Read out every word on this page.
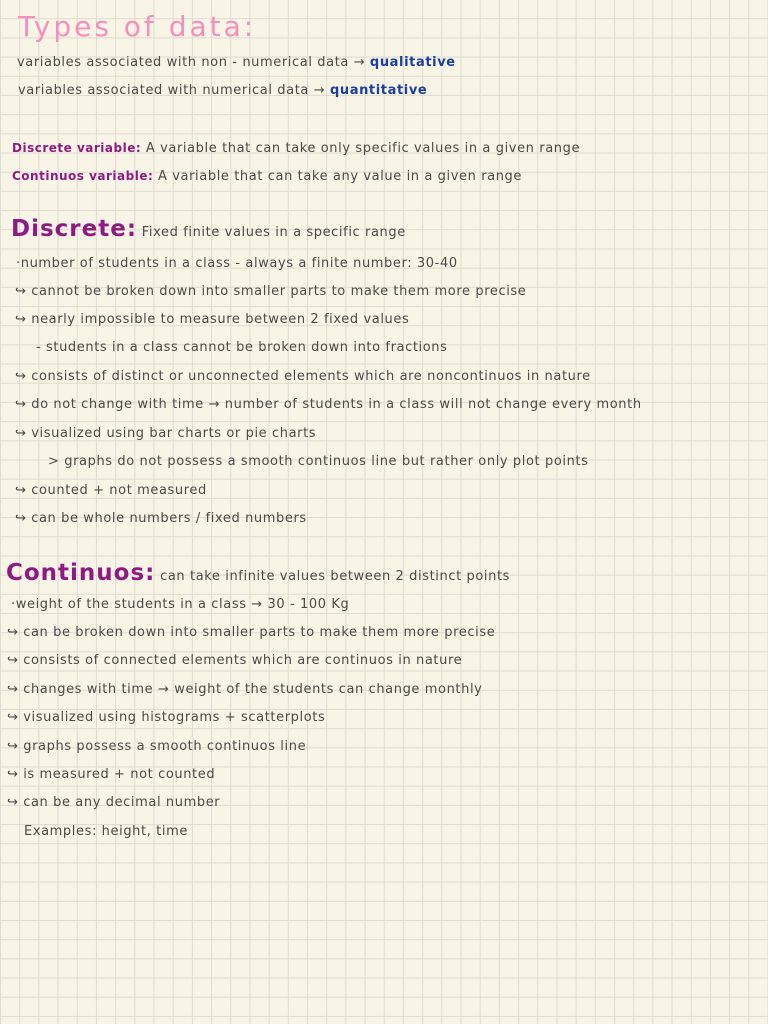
Types of data:
variables associated with non - numerical data → qualitative
variables associated with numerical data → quantitative
Discrete variable: A variable that can take only specific values in a given range
Continuos variable: A variable that can take any value in a given range
Discrete: Fixed finite values in a specific range
·number of students in a class - always a finite number: 30-40
↪ cannot be broken down into smaller parts to make them more precise
↪ nearly impossible to measure between 2 fixed values
- students in a class cannot be broken down into fractions
↪ consists of distinct or unconnected elements which are noncontinuos in nature
↪ do not change with time → number of students in a class will not change every month
↪ visualized using bar charts or pie charts
> graphs do not possess a smooth continuos line but rather only plot points
↪ counted + not measured
↪ can be whole numbers / fixed numbers
Continuos: can take infinite values between 2 distinct points
·weight of the students in a class → 30 - 100 Kg
↪ can be broken down into smaller parts to make them more precise
↪ consists of connected elements which are continuos in nature
↪ changes with time → weight of the students can change monthly
↪ visualized using histograms + scatterplots
↪ graphs possess a smooth continuos line
↪ is measured + not counted
↪ can be any decimal number
Examples: height, time
